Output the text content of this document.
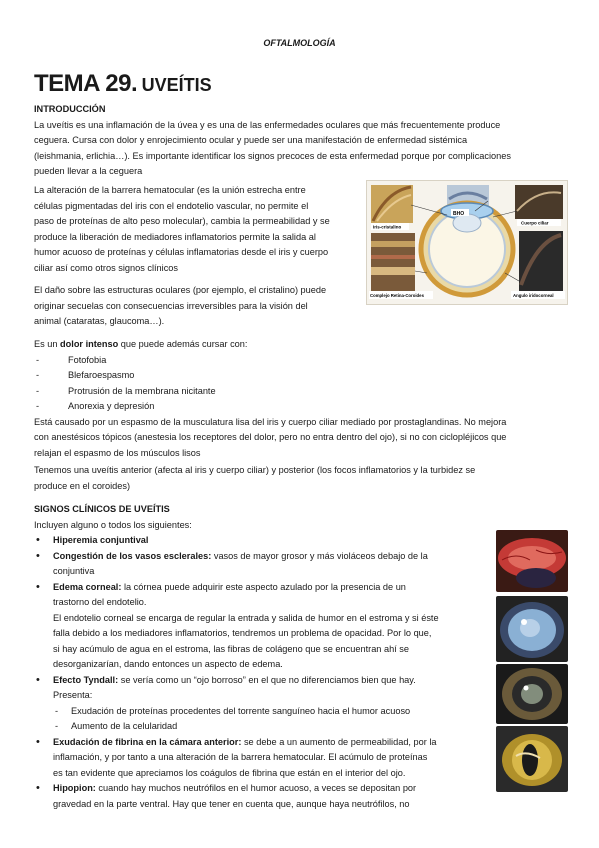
OFTALMOLOGÍA
TEMA 29. UVEÍTIS
INTRODUCCIÓN
La uveítis es una inflamación de la úvea y es una de las enfermedades oculares que más frecuentemente produce
ceguera. Cursa con dolor y enrojecimiento ocular y puede ser una manifestación de enfermedad sistémica
(leishmania, erlichia…). Es importante identificar los signos precoces de esta enfermedad porque por complicaciones
pueden llevar a la ceguera
La alteración de la barrera hematocular (es la unión estrecha entre
células pigmentadas del iris con el endotelio vascular, no permite el
paso de proteínas de alto peso molecular), cambia la permeabilidad y se
produce la liberación de mediadores inflamatorios permite la salida al
humor acuoso de proteínas y células inflamatorias desde el iris y cuerpo
ciliar así como otros signos clínicos
El daño sobre las estructuras oculares (por ejemplo, el cristalino) puede
originar secuelas con consecuencias irreversibles para la visión del
animal (cataratas, glaucoma…).
BHO
Iris-cristalino
Cuerpo ciliar
Complejo Retina-Coroides	Angulo iridocorneal
Es un dolor intenso que puede además cursar con:
- Fotofobia
- Blefaroespasmo
- Protrusión de la membrana nicitante
- Anorexia y depresión
Está causado por un espasmo de la musculatura lisa del iris y cuerpo ciliar mediado por prostaglandinas. No mejora
con anestésicos tópicos (anestesia los receptores del dolor, pero no entra dentro del ojo), si no con ciclopléjicos que
relajan el espasmo de los músculos lisos
Tenemos una uveítis anterior (afecta al iris y cuerpo ciliar) y posterior (los focos inflamatorios y la turbidez se
produce en el coroides)
SIGNOS CLÍNICOS DE UVEÍTIS
Incluyen alguno o todos los siguientes:
• Hiperemia conjuntival
• Congestión de los vasos esclerales: vasos de mayor grosor y más violáceos debajo de la
conjuntiva
• Edema corneal: la córnea puede adquirir este aspecto azulado por la presencia de un
trastorno del endotelio.
El endotelio corneal se encarga de regular la entrada y salida de humor en el estroma y si éste
falla debido a los mediadores inflamatorios, tendremos un problema de opacidad. Por lo que,
si hay acúmulo de agua en el estroma, las fibras de colágeno que se encuentran ahí se
desorganizarían, dando entonces un aspecto de edema.
• Efecto Tyndall: se vería como un “ojo borroso” en el que no diferenciamos bien que hay.
Presenta:
- Exudación de proteínas procedentes del torrente sanguíneo hacia el humor acuoso
- Aumento de la celularidad
• Exudación de fibrina en la cámara anterior: se debe a un aumento de permeabilidad, por la
inflamación, y por tanto a una alteración de la barrera hematocular. El acúmulo de proteínas
es tan evidente que apreciamos los coágulos de fibrina que están en el interior del ojo.
• Hipopion: cuando hay muchos neutrófilos en el humor acuoso, a veces se depositan por
gravedad en la parte ventral. Hay que tener en cuenta que, aunque haya neutrófilos, no
